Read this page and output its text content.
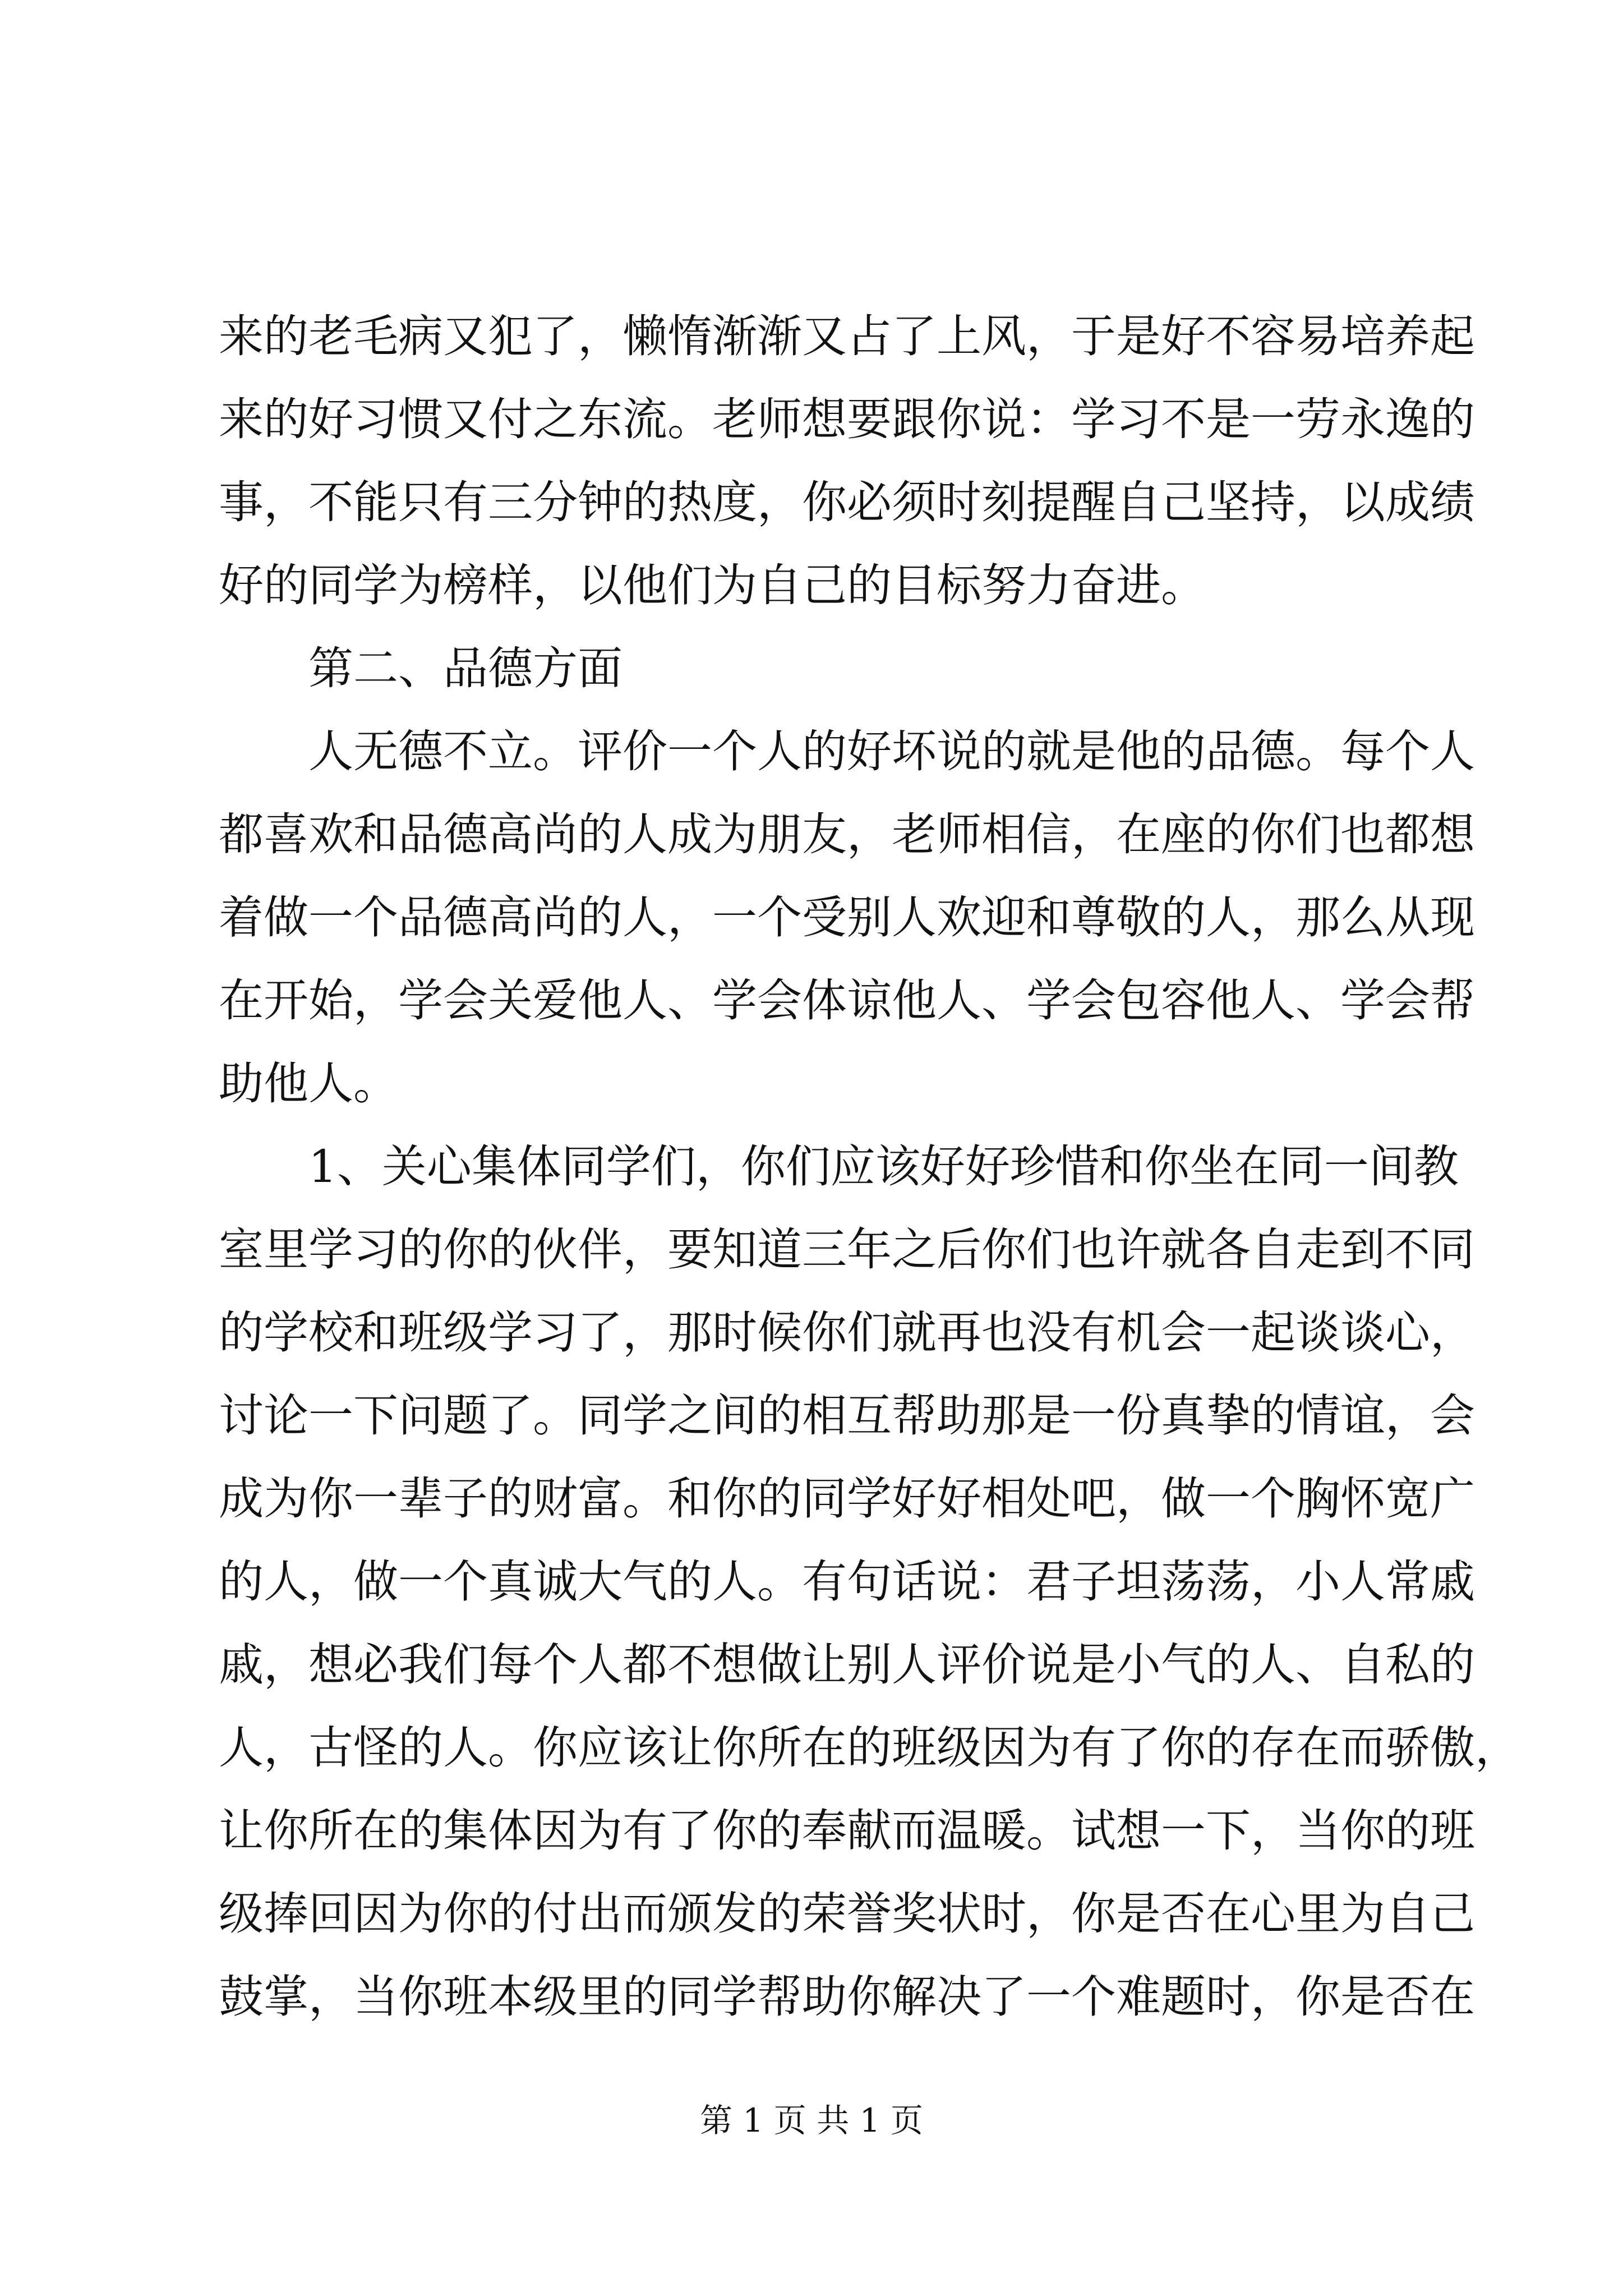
来的老毛病又犯了，懒惰渐渐又占了上风，于是好不容易培养起
来的好习惯又付之东流。老师想要跟你说：学习不是一劳永逸的
事，不能只有三分钟的热度，你必须时刻提醒自己坚持，以成绩
好的同学为榜样，以他们为自己的目标努力奋进。
第二、品德方面
人无德不立。评价一个人的好坏说的就是他的品德。每个人
都喜欢和品德高尚的人成为朋友，老师相信，在座的你们也都想
着做一个品德高尚的人，一个受别人欢迎和尊敬的人，那么从现
在开始，学会关爱他人、学会体谅他人、学会包容他人、学会帮
助他人。
1、关心集体同学们，你们应该好好珍惜和你坐在同一间教
室里学习的你的伙伴，要知道三年之后你们也许就各自走到不同
的学校和班级学习了，那时候你们就再也没有机会一起谈谈心，
讨论一下问题了。同学之间的相互帮助那是一份真挚的情谊，会
成为你一辈子的财富。和你的同学好好相处吧，做一个胸怀宽广
的人，做一个真诚大气的人。有句话说：君子坦荡荡，小人常戚
戚，想必我们每个人都不想做让别人评价说是小气的人、自私的
人，古怪的人。你应该让你所在的班级因为有了你的存在而骄傲，
让你所在的集体因为有了你的奉献而温暖。试想一下，当你的班
级捧回因为你的付出而颁发的荣誉奖状时，你是否在心里为自己
鼓掌，当你班本级里的同学帮助你解决了一个难题时，你是否在
第 1 页 共 1 页
